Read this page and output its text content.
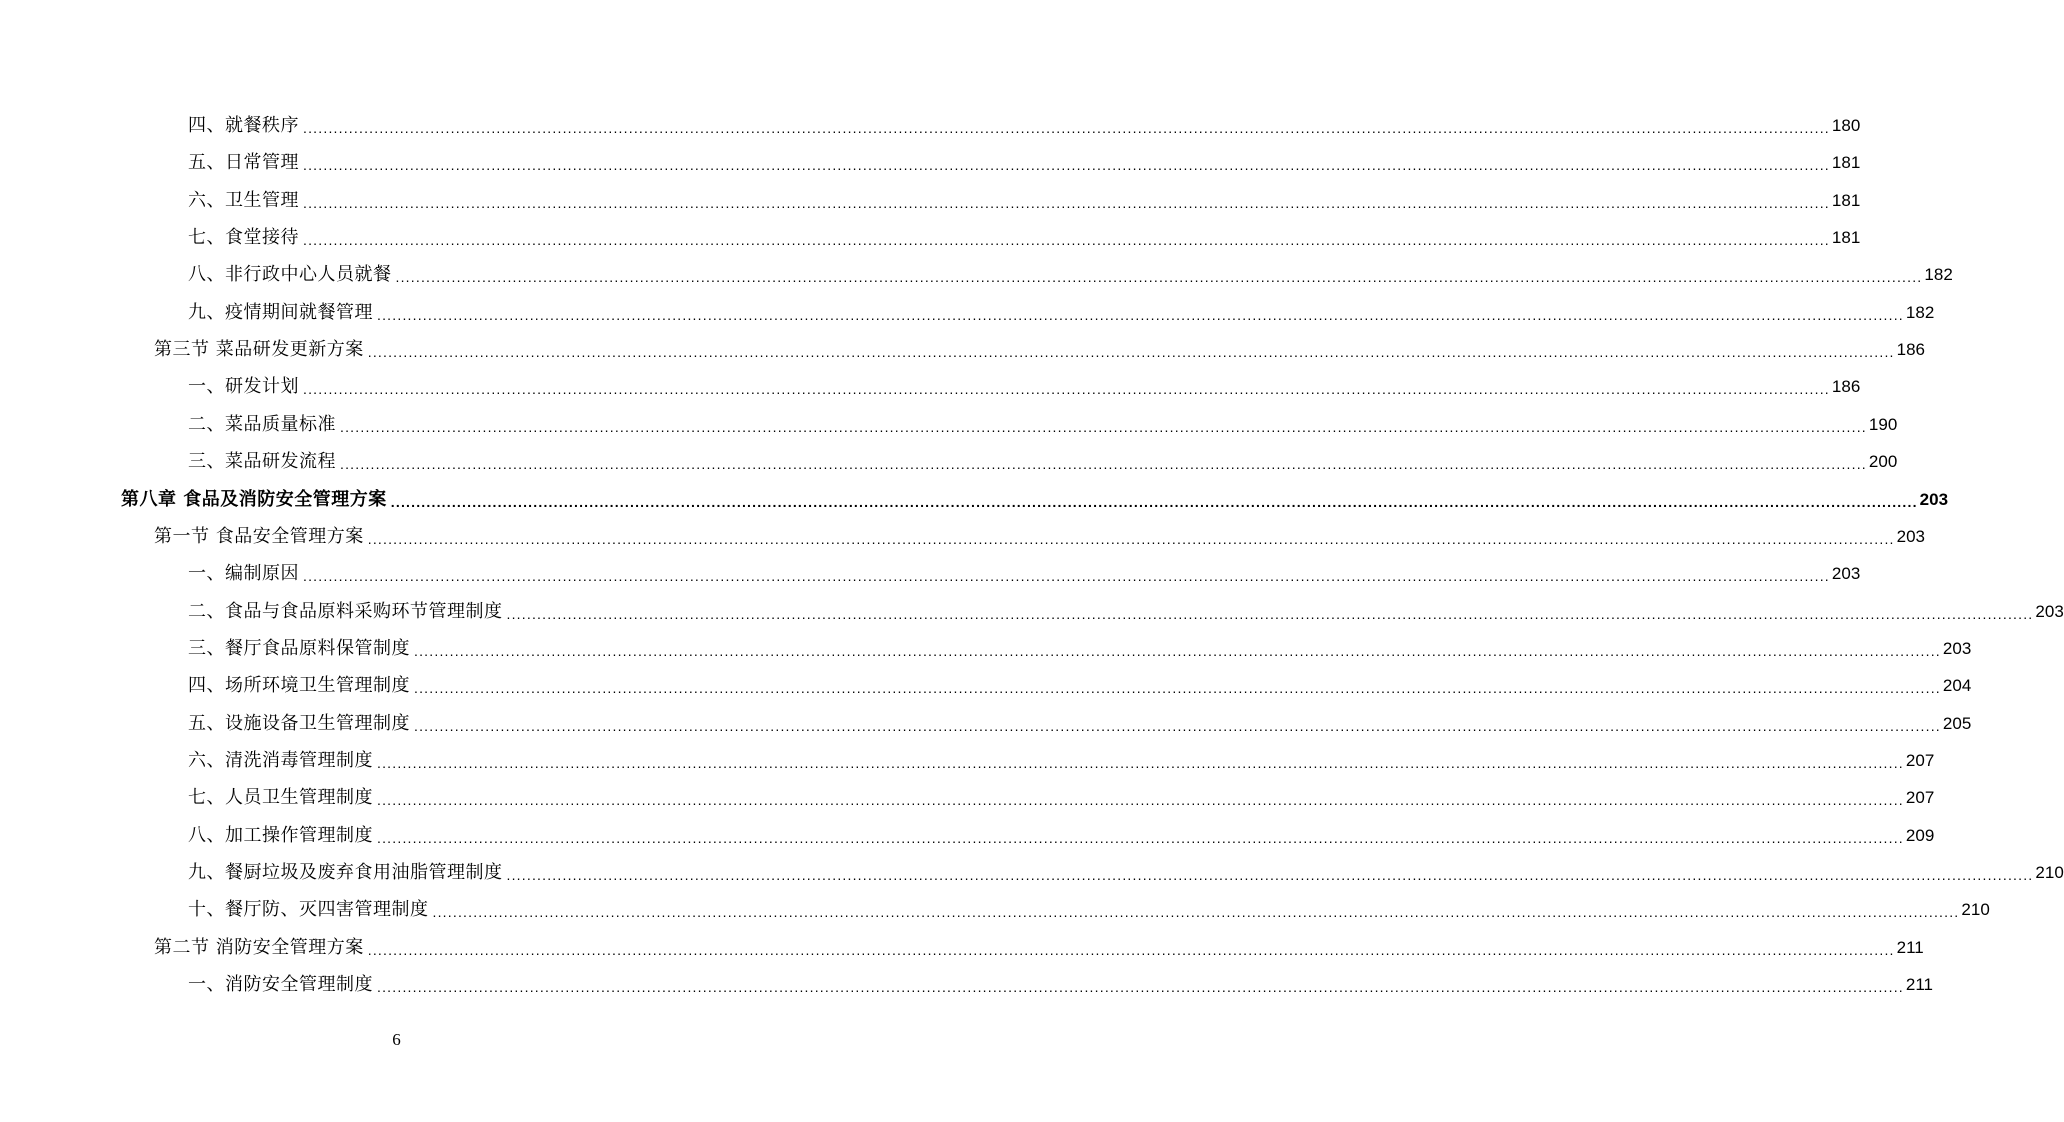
四、就餐秩序 ............................................................................................................................................................................................................................................................................................................ 180
五、日常管理 ............................................................................................................................................................................................................................................................................................................ 181
六、卫生管理 ............................................................................................................................................................................................................................................................................................................ 181
七、食堂接待 ............................................................................................................................................................................................................................................................................................................ 181
八、非行政中心人员就餐 ............................................................................................................................................................................................................................................................................................................ 182
九、疫情期间就餐管理 ............................................................................................................................................................................................................................................................................................................ 182
第三节 菜品研发更新方案 ............................................................................................................................................................................................................................................................................................................ 186
一、研发计划 ............................................................................................................................................................................................................................................................................................................ 186
二、菜品质量标准 ............................................................................................................................................................................................................................................................................................................ 190
三、菜品研发流程 ............................................................................................................................................................................................................................................................................................................ 200
第八章 食品及消防安全管理方案 ............................................................................................................................................................................................................................................................................................................ 203
第一节 食品安全管理方案 ............................................................................................................................................................................................................................................................................................................ 203
一、编制原因 ............................................................................................................................................................................................................................................................................................................ 203
二、食品与食品原料采购环节管理制度 ............................................................................................................................................................................................................................................................................................................ 203
三、餐厅食品原料保管制度 ............................................................................................................................................................................................................................................................................................................ 203
四、场所环境卫生管理制度 ............................................................................................................................................................................................................................................................................................................ 204
五、设施设备卫生管理制度 ............................................................................................................................................................................................................................................................................................................ 205
六、清洗消毒管理制度 ............................................................................................................................................................................................................................................................................................................ 207
七、人员卫生管理制度 ............................................................................................................................................................................................................................................................................................................ 207
八、加工操作管理制度 ............................................................................................................................................................................................................................................................................................................ 209
九、餐厨垃圾及废弃食用油脂管理制度 ............................................................................................................................................................................................................................................................................................................ 210
十、餐厅防、灭四害管理制度 ............................................................................................................................................................................................................................................................................................................ 210
第二节 消防安全管理方案 ............................................................................................................................................................................................................................................................................................................ 211
一、消防安全管理制度 ............................................................................................................................................................................................................................................................................................................ 211
6
